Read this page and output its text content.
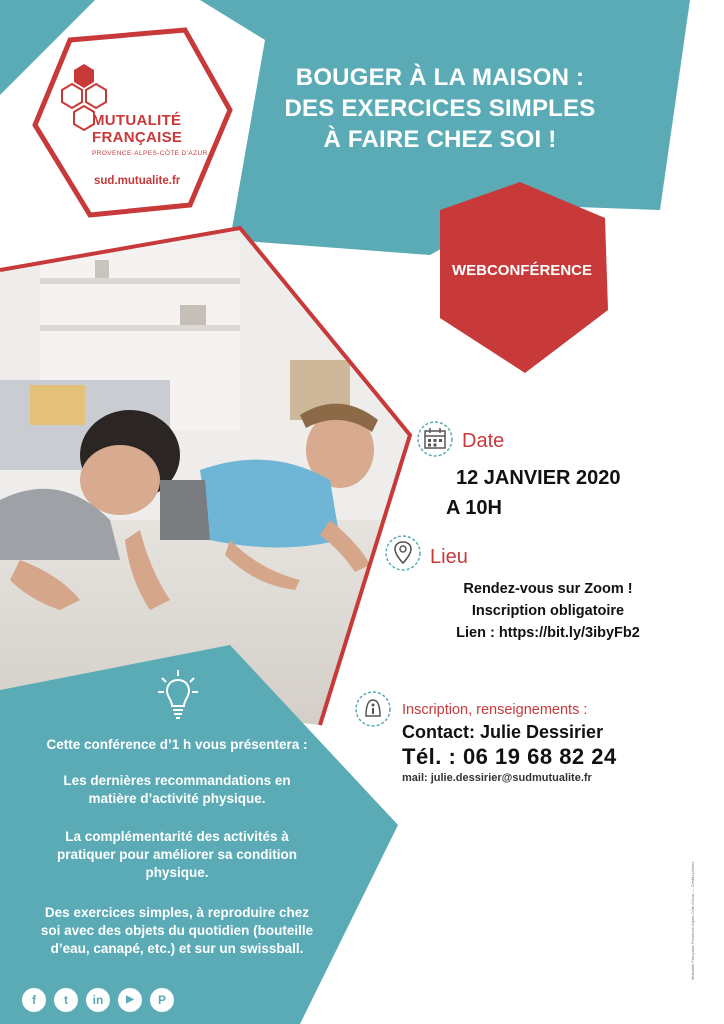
MUTUALITÉ
FRANÇAISE
PROVENCE-ALPES-CÔTE D'AZUR
sud.mutualite.fr
BOUGER À LA MAISON :
DES EXERCICES SIMPLES
À FAIRE CHEZ SOI !
WEBCONFÉRENCE
Date
12 JANVIER 2020
A 10H
Lieu
Rendez-vous sur Zoom !
Inscription obligatoire
Lien : https://bit.ly/3ibyFb2
Inscription, renseignements :
Contact: Julie Dessirier
Tél. : 06 19 68 82 24
mail: julie.dessirier@sudmutualite.fr
Cette conférence d’1 h vous présentera :
Les dernières recommandations en
matière d’activité physique.
La complémentarité des activités à
pratiquer pour améliorer sa condition
physique.
Des exercices simples, à reproduire chez
soi avec des objets du quotidien (bouteille
d’eau, canapé, etc.) et sur un swissball.
f	t	in	▶	P
Mutualité Française Provence-Alpes-Côte d'Azur — Crédits photos
